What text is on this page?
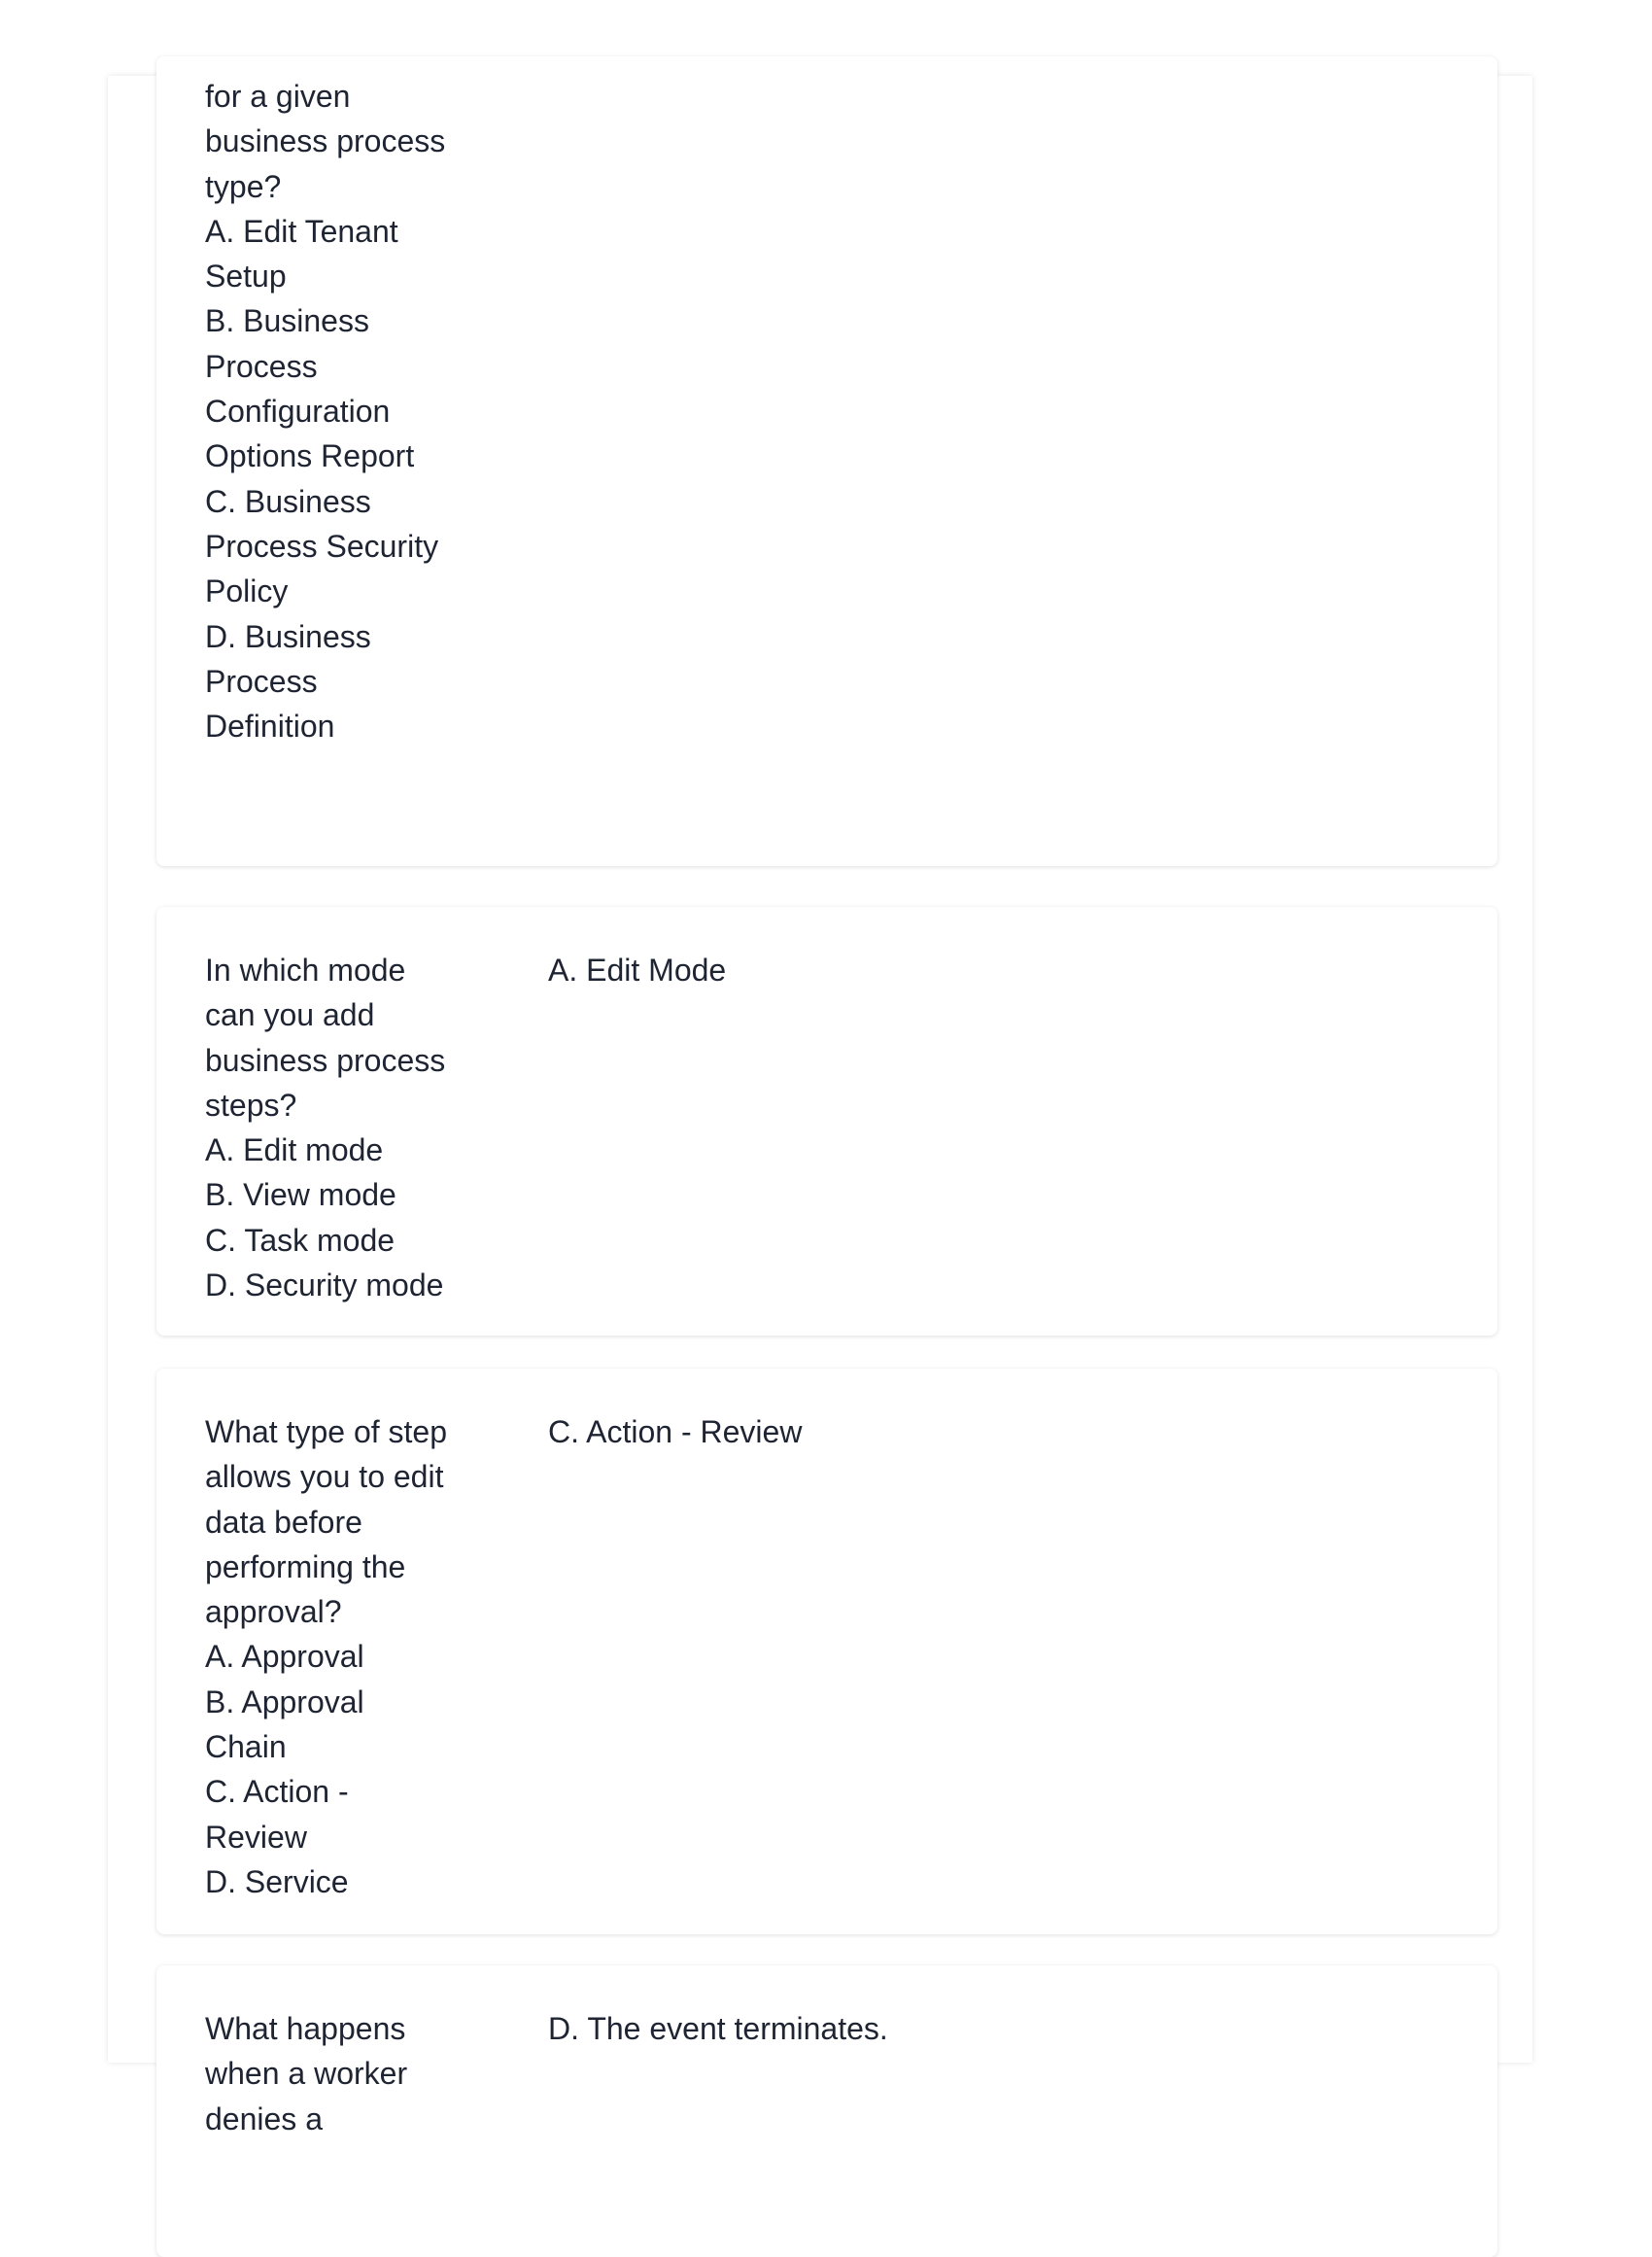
for a given
business process
type?
A. Edit Tenant
Setup
B. Business
Process
Configuration
Options Report
C. Business
Process Security
Policy
D. Business
Process
Definition

In which mode
can you add
business process
steps?
A. Edit mode
B. View mode
C. Task mode
D. Security mode

A. Edit Mode

What type of step
allows you to edit
data before
performing the
approval?
A. Approval
B. Approval
Chain
C. Action -
Review
D. Service

C. Action - Review

What happens
when a worker
denies a

D. The event terminates.
